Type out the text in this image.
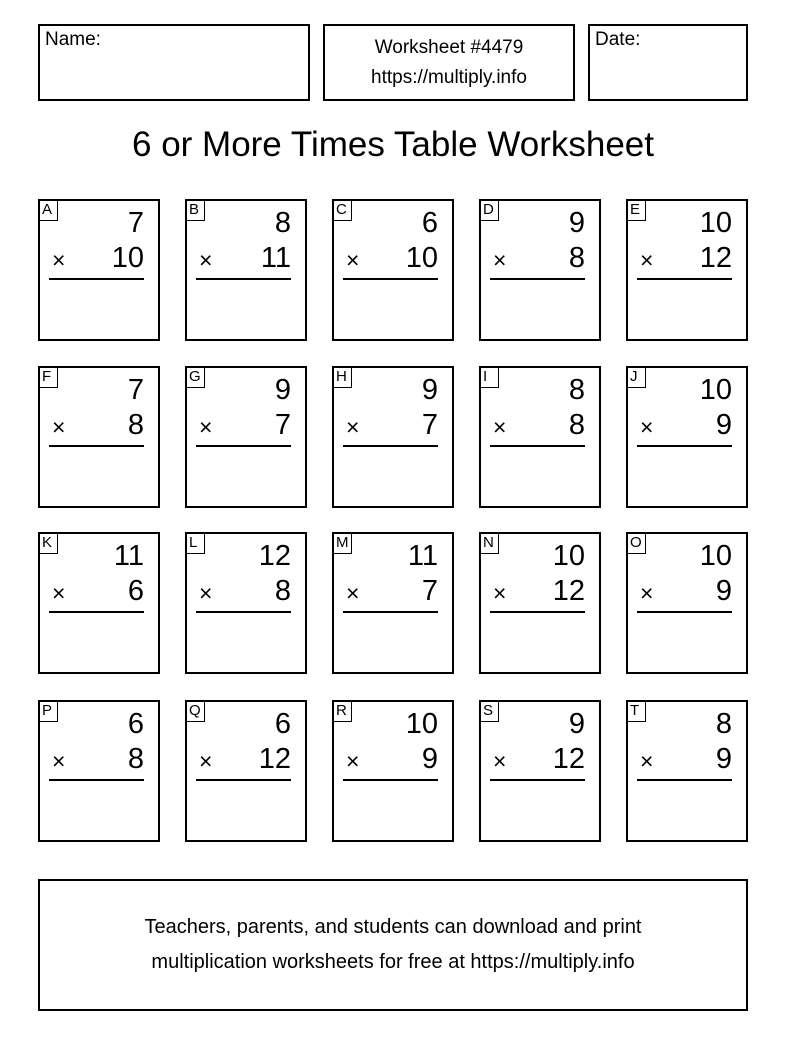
Name:	Worksheet #4479
https://multiply.info
Date:
6 or More Times Table Worksheet
A	7
× 10
B	8
× 11
C	6
× 10
D	9
× 8
E 10
× 12
F	7
× 8
G	9
× 7
H	9
× 7
I	8
× 8
J 10
× 9
K 11
× 6
L 12
× 8
M 11
× 7
N 10
× 12
O 10
× 9
P	6
× 8
Q	6
× 12
R 10
× 9
S	9
× 12
T	8
× 9
Teachers, parents, and students can download and print
multiplication worksheets for free at https://multiply.info
